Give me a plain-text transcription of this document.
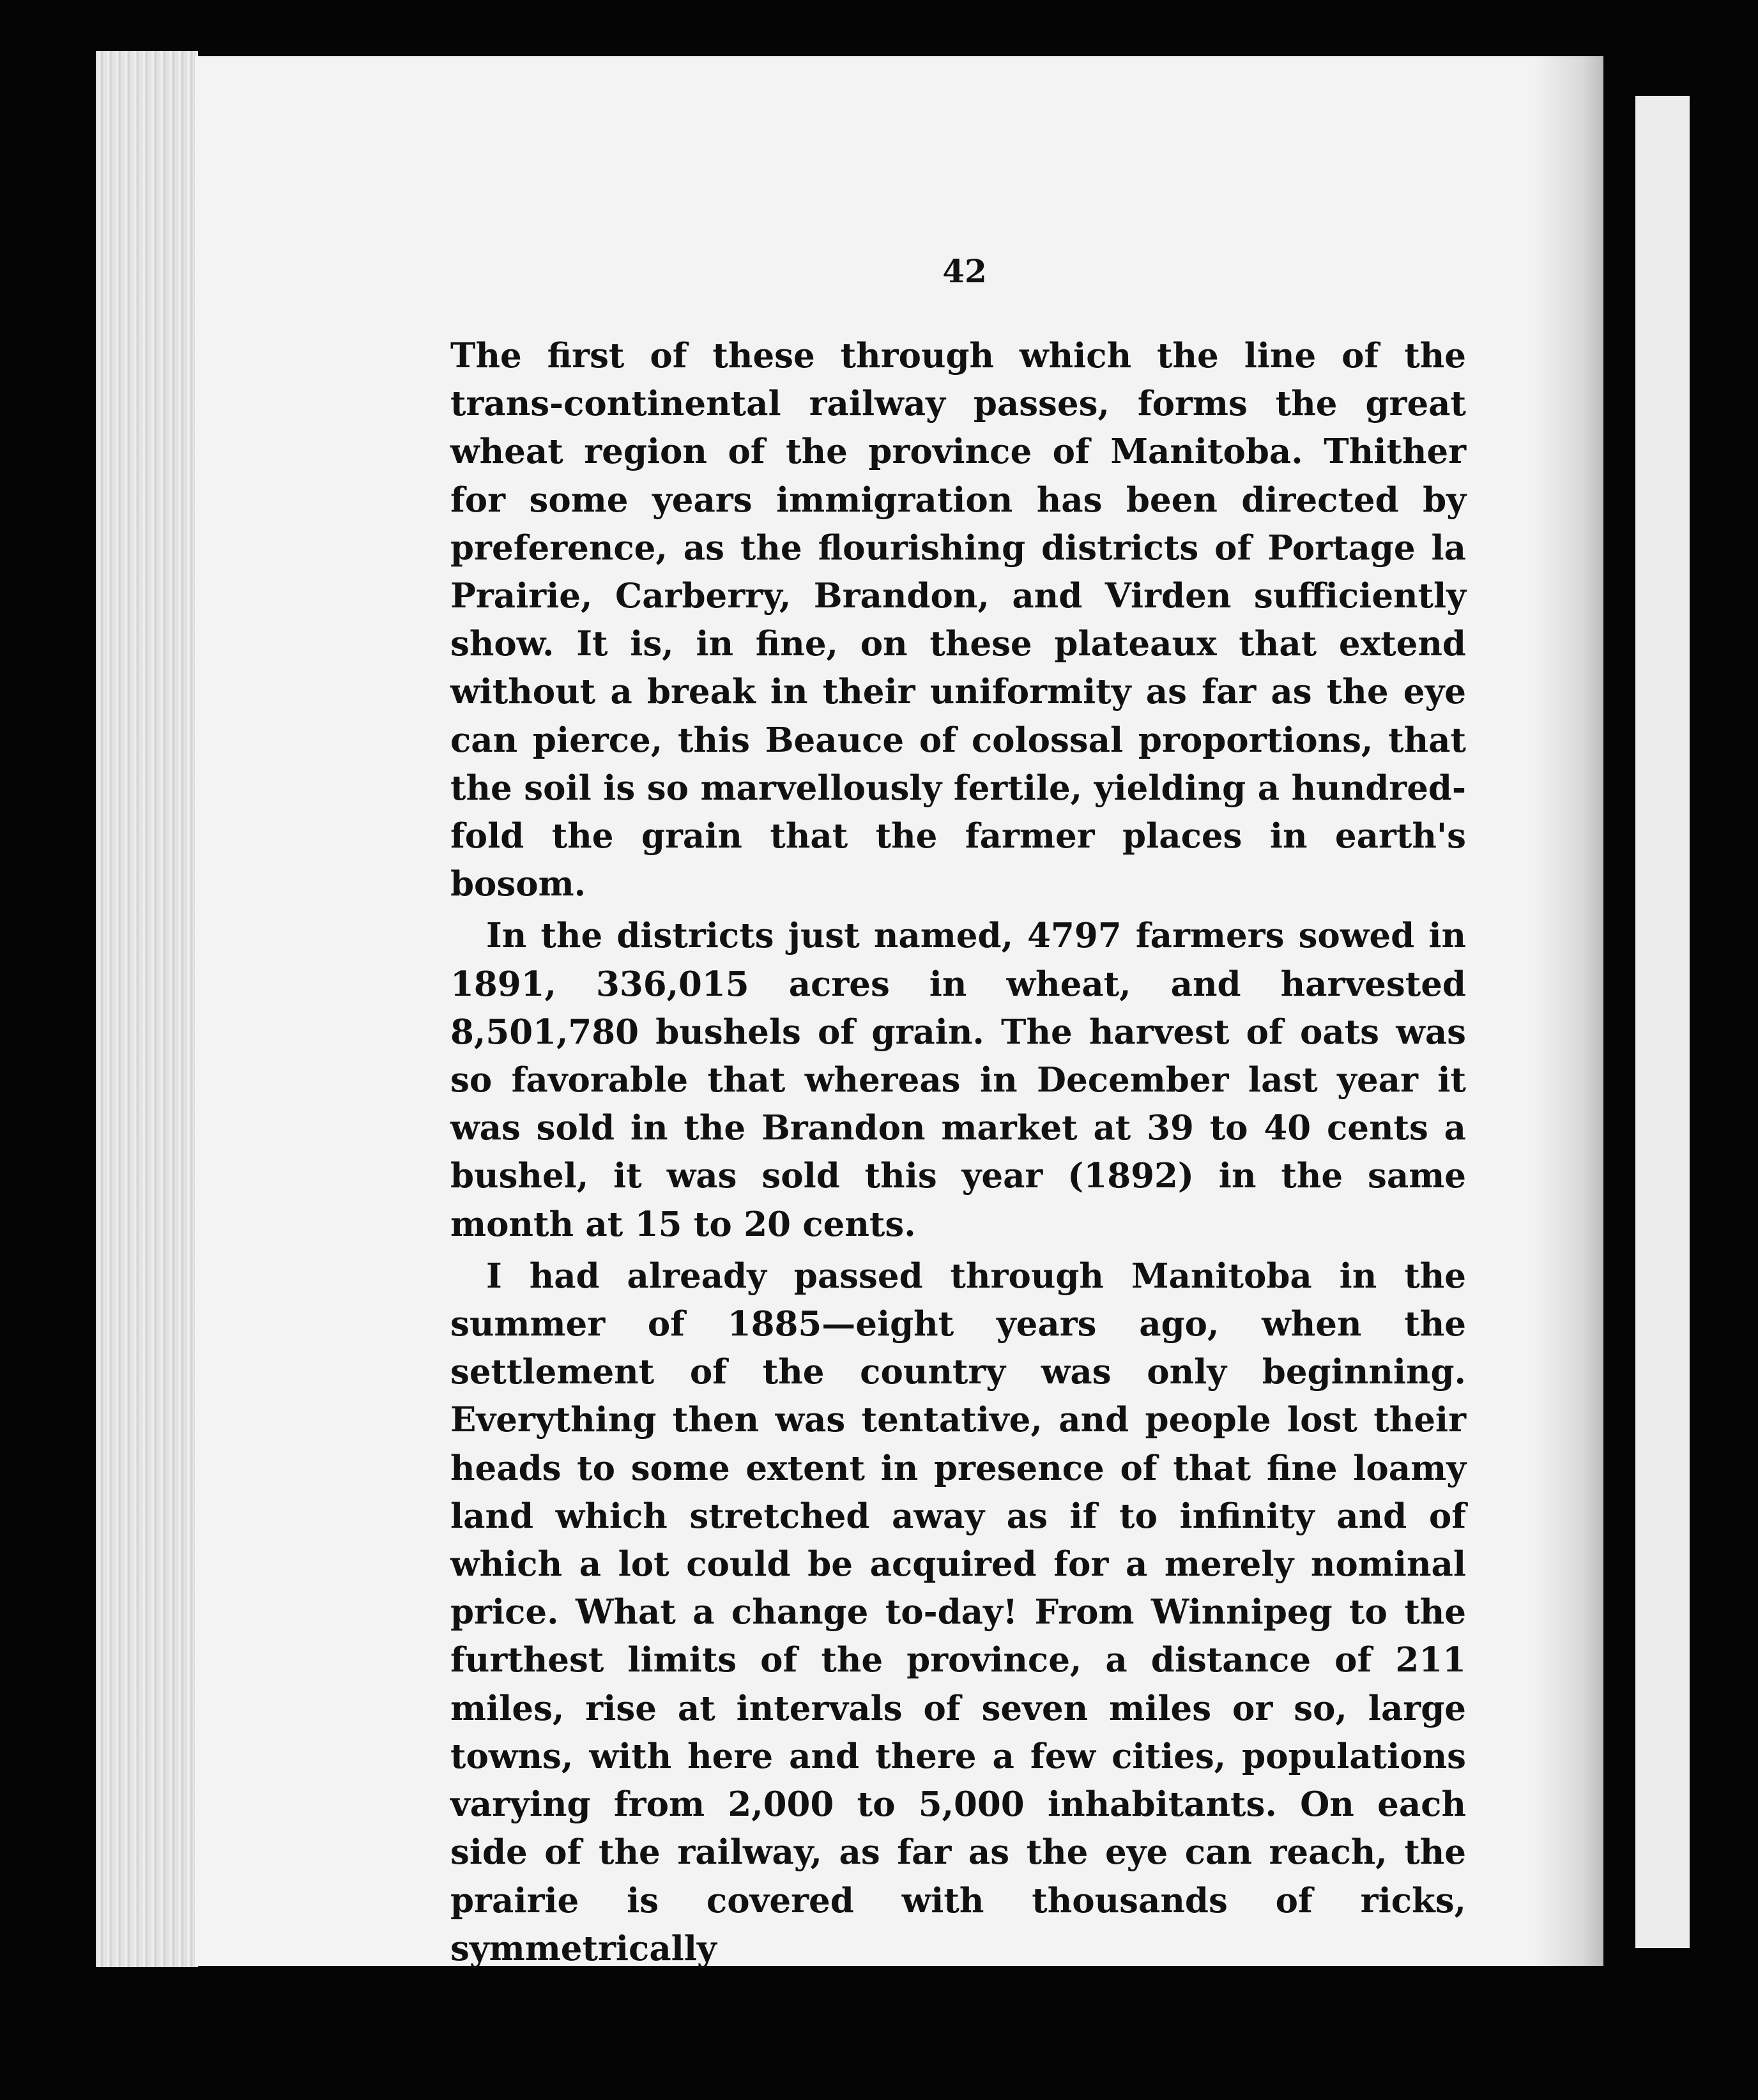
42

The first of these through which the line of the trans-continental railway passes, forms the great wheat region of the province of Manitoba. Thither for some years immigration has been directed by preference, as the flourishing districts of Portage la Prairie, Carberry, Brandon, and Virden sufficiently show. It is, in fine, on these plateaux that extend without a break in their uniformity as far as the eye can pierce, this Beauce of colossal proportions, that the soil is so marvellously fertile, yielding a hundred-fold the grain that the farmer places in earth's bosom.

In the districts just named, 4797 farmers sowed in 1891, 336,015 acres in wheat, and harvested 8,501,780 bushels of grain. The harvest of oats was so favorable that whereas in December last year it was sold in the Brandon market at 39 to 40 cents a bushel, it was sold this year (1892) in the same month at 15 to 20 cents.

I had already passed through Manitoba in the summer of 1885—eight years ago, when the settlement of the country was only beginning. Everything then was tentative, and people lost their heads to some extent in presence of that fine loamy land which stretched away as if to infinity and of which a lot could be acquired for a merely nominal price. What a change to-day! From Winnipeg to the furthest limits of the province, a distance of 211 miles, rise at intervals of seven miles or so, large towns, with here and there a few cities, populations varying from 2,000 to 5,000 inhabitants. On each side of the railway, as far as the eye can reach, the prairie is covered with thousands of ricks, symmetrically
